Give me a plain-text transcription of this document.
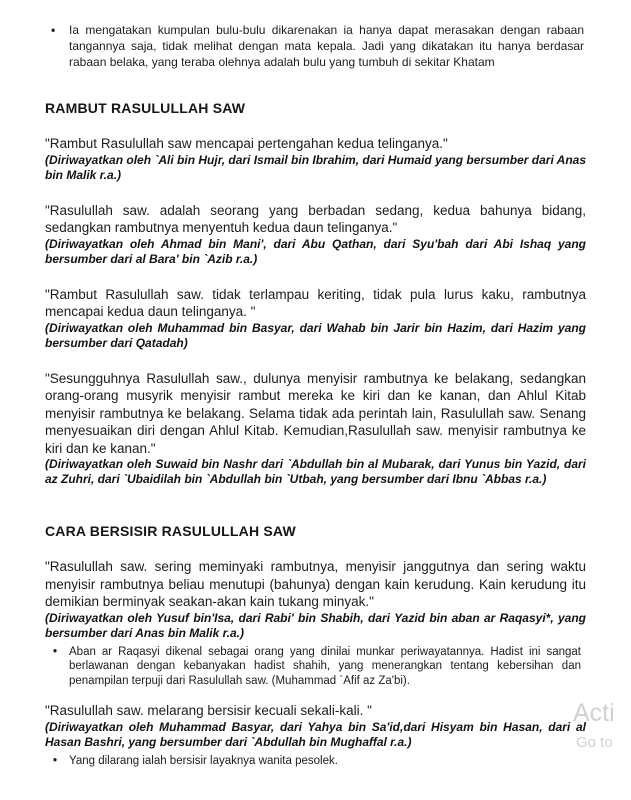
•

Ia mengatakan kumpulan bulu-bulu dikarenakan ia hanya dapat merasakan dengan rabaan tangannya saja, tidak melihat dengan mata kepala. Jadi yang dikatakan itu hanya berdasar rabaan belaka, yang teraba olehnya adalah bulu yang tumbuh di sekitar Khatam

RAMBUT RASULULLAH SAW

"Rambut Rasulullah saw mencapai pertengahan kedua telinganya."

(Diriwayatkan oleh `Ali bin Hujr, dari Ismail bin Ibrahim, dari Humaid yang bersumber dari Anas bin Malik r.a.)

"Rasulullah saw. adalah seorang yang berbadan sedang, kedua bahunya bidang, sedangkan rambutnya menyentuh kedua daun telinganya."

(Diriwayatkan oleh Ahmad bin Mani', dari Abu Qathan, dari Syu'bah dari Abi Ishaq yang bersumber dari al Bara' bin `Azib r.a.)

"Rambut Rasulullah saw. tidak terlampau keriting, tidak pula lurus kaku, rambutnya mencapai kedua daun telinganya. "

(Diriwayatkan oleh Muhammad bin Basyar, dari Wahab bin Jarir bin Hazim, dari Hazim yang bersumber dari Qatadah)

"Sesungguhnya Rasulullah saw., dulunya menyisir rambutnya ke belakang, sedangkan orang-orang musyrik menyisir rambut mereka ke kiri dan ke kanan, dan Ahlul Kitab menyisir rambutnya ke belakang. Selama tidak ada perintah lain, Rasulullah saw. Senang menyesuaikan diri dengan Ahlul Kitab. Kemudian,Rasulullah saw. menyisir rambutnya ke kiri dan ke kanan."

(Diriwayatkan oleh Suwaid bin Nashr dari `Abdullah bin al Mubarak, dari Yunus bin Yazid, dari az Zuhri, dari `Ubaidilah bin `Abdullah bin `Utbah, yang bersumber dari Ibnu `Abbas r.a.)

CARA BERSISIR RASULULLAH SAW

"Rasulullah saw. sering meminyaki rambutnya, menyisir janggutnya dan sering waktu menyisir rambutnya beliau menutupi (bahunya) dengan kain kerudung. Kain kerudung itu demikian berminyak seakan-akan kain tukang minyak."

(Diriwayatkan oleh Yusuf bin'Isa, dari Rabi' bin Shabih, dari Yazid bin aban ar Raqasyi*, yang bersumber dari Anas bin Malik r.a.)

•

Aban ar Raqasyi dikenal sebagai orang yang dinilai munkar periwayatannya. Hadist ini sangat berlawanan dengan kebanyakan hadist shahih, yang menerangkan tentang kebersihan dan penampilan terpuji dari Rasulullah saw. (Muhammad `Afif az Za'bi).

"Rasulullah saw. melarang bersisir kecuali sekali-kali. "

(Diriwayatkan oleh Muhammad Basyar, dari Yahya bin Sa'id,dari Hisyam bin Hasan, dari al Hasan Bashri, yang bersumber dari `Abdullah bin Mughaffal r.a.)

•

Yang dilarang ialah bersisir layaknya wanita pesolek.

Acti
Go to
